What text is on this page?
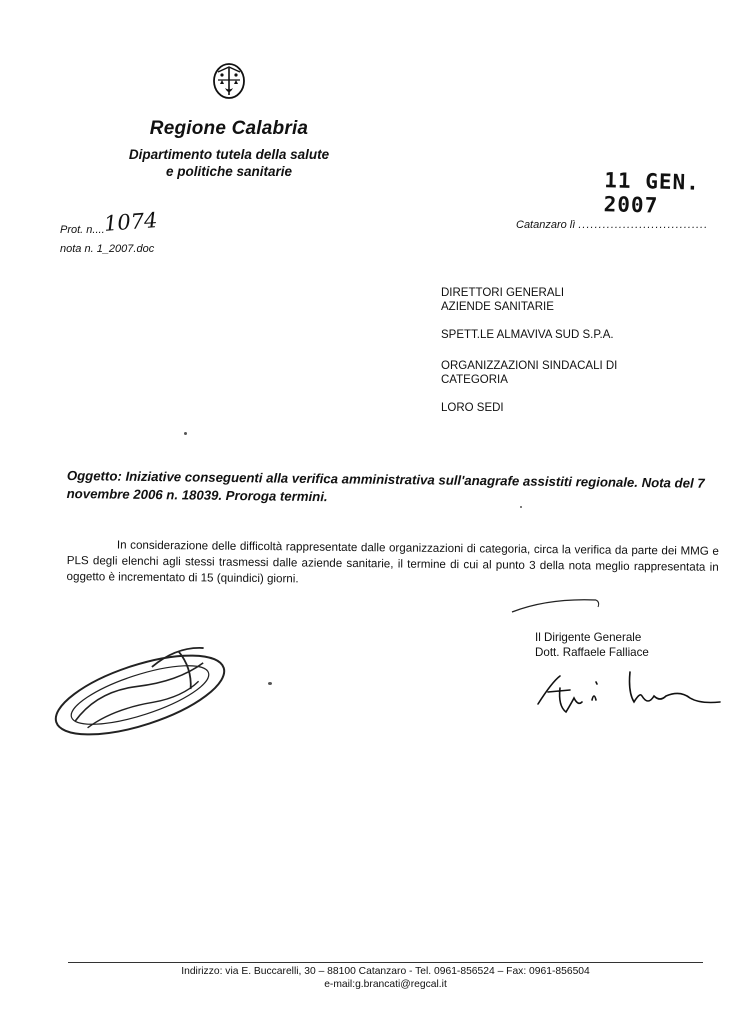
Regione Calabria
Dipartimento tutela della salute
e politiche sanitarie	11 GEN. 2007
Catanzaro lì ................................
Prot. n....
1074
nota n. 1_2007.doc
DIRETTORI GENERALI
AZIENDE SANITARIE
SPETT.LE ALMAVIVA SUD S.P.A.
ORGANIZZAZIONI SINDACALI DI
CATEGORIA
LORO SEDI
Oggetto: Iniziative conseguenti alla verifica amministrativa sull'anagrafe assistiti regionale. Nota del 7 novembre 2006 n. 18039. Proroga termini.
In considerazione delle difficoltà rappresentate dalle organizzazioni di categoria, circa la verifica da parte dei MMG e PLS degli elenchi agli stessi trasmessi dalle aziende sanitarie, il termine di cui al punto 3 della nota meglio rappresentata in oggetto è incrementato di 15 (quindici) giorni.
Il Dirigente Generale
Dott. Raffaele Falliace
Indirizzo: via E. Buccarelli, 30 – 88100 Catanzaro - Tel. 0961-856524 – Fax: 0961-856504
e-mail:g.brancati@regcal.it
